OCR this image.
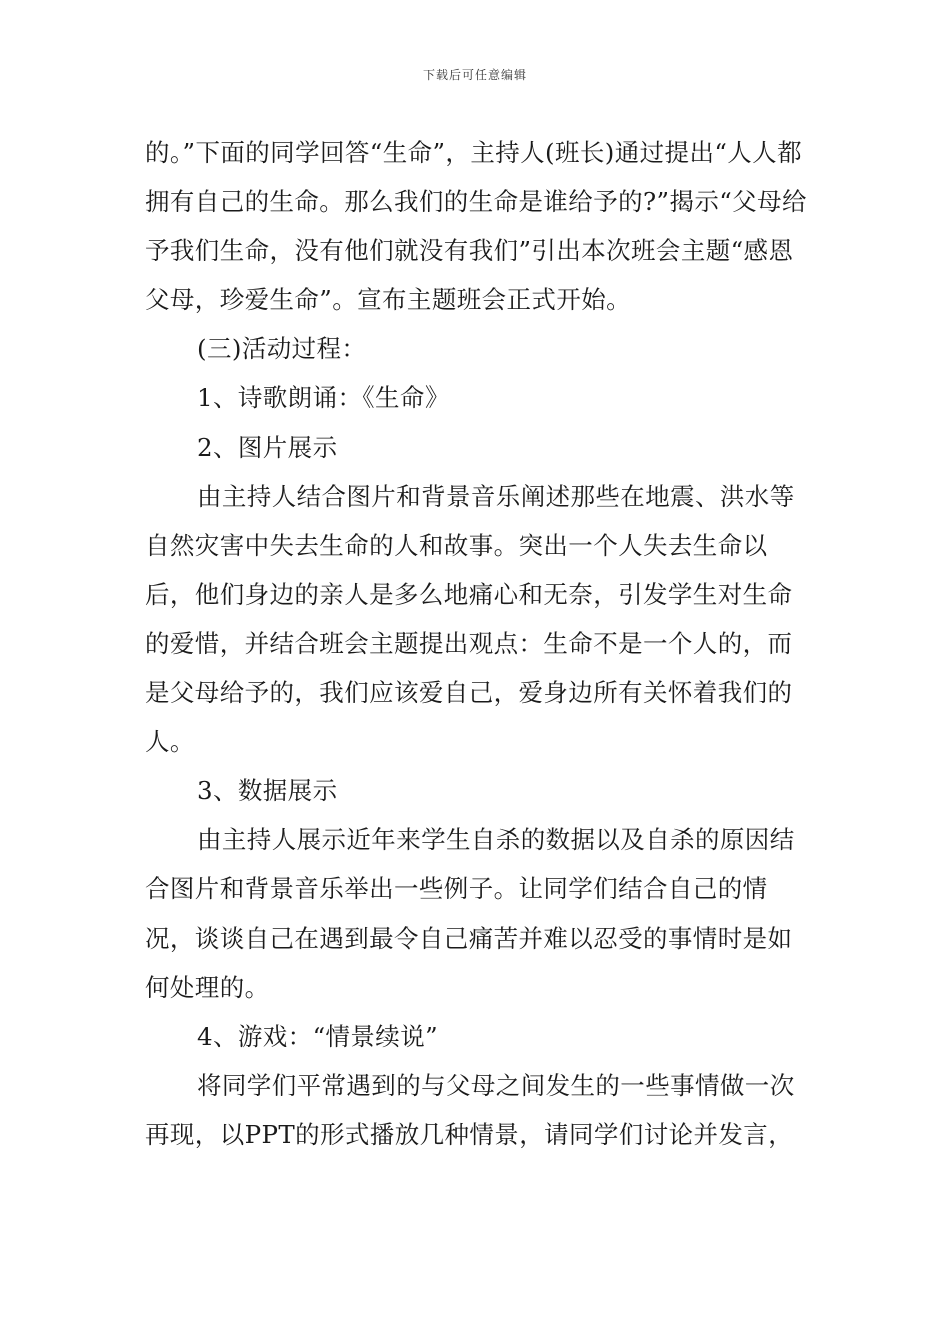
下载后可任意编辑

的。”下面的同学回答“生命”，主持人(班长)通过提出“人人都拥有自己的生命。那么我们的生命是谁给予的?”揭示“父母给予我们生命，没有他们就没有我们”引出本次班会主题“感恩父母，珍爱生命”。宣布主题班会正式开始。

(三)活动过程：

1、诗歌朗诵：《生命》

2、图片展示

由主持人结合图片和背景音乐阐述那些在地震、洪水等自然灾害中失去生命的人和故事。突出一个人失去生命以后，他们身边的亲人是多么地痛心和无奈，引发学生对生命的爱惜，并结合班会主题提出观点：生命不是一个人的，而是父母给予的，我们应该爱自己，爱身边所有关怀着我们的人。

3、数据展示

由主持人展示近年来学生自杀的数据以及自杀的原因结合图片和背景音乐举出一些例子。让同学们结合自己的情况，谈谈自己在遇到最令自己痛苦并难以忍受的事情时是如何处理的。

4、游戏：“情景续说”

将同学们平常遇到的与父母之间发生的一些事情做一次再现，以PPT的形式播放几种情景，请同学们讨论并发言，
